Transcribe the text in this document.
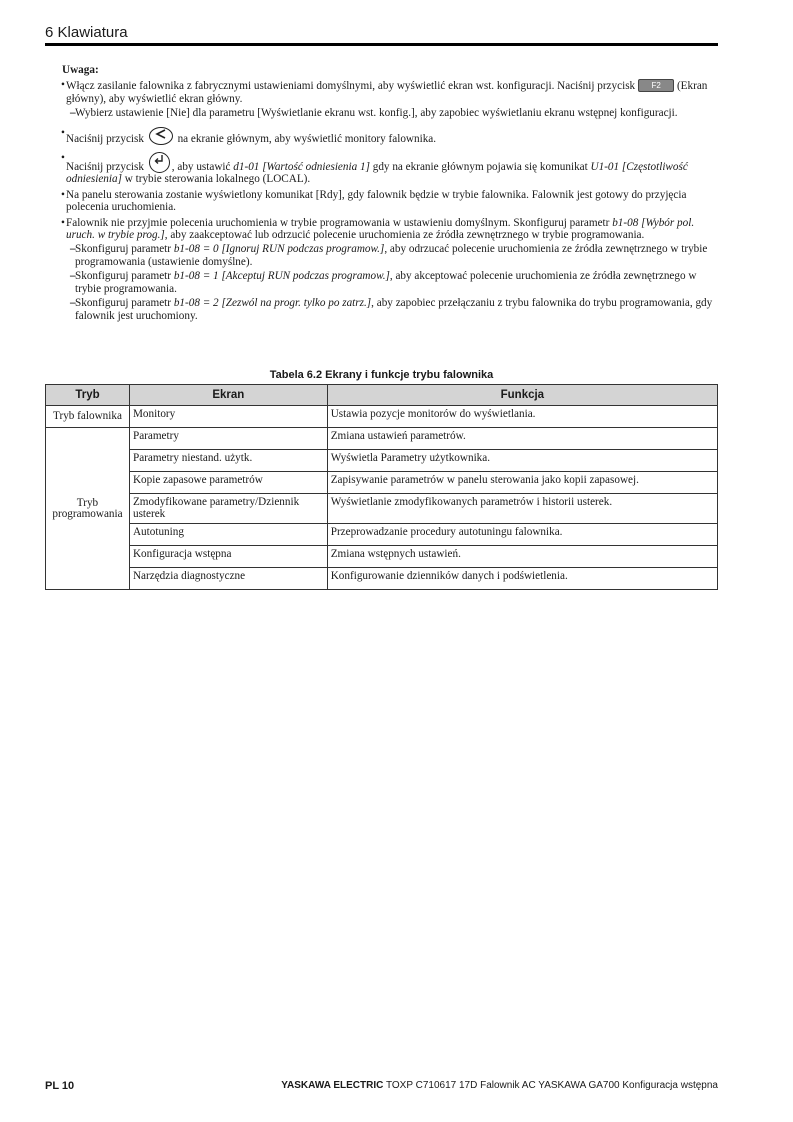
6 Klawiatura
Uwaga:
• Włącz zasilanie falownika z fabrycznymi ustawieniami domyślnymi, aby wyświetlić ekran wst. konfiguracji. Naciśnij przycisk F2 (Ekran główny), aby wyświetlić ekran główny.
– Wybierz ustawienie [Nie] dla parametru [Wyświetlanie ekranu wst. konfig.], aby zapobiec wyświetlaniu ekranu wstępnej konfiguracji.
• Naciśnij przycisk	na ekranie głównym, aby wyświetlić monitory falownika.
•
Naciśnij przycisk , aby ustawić d1-01 [Wartość odniesienia 1] gdy na ekranie głównym pojawia się komunikat U1-01 [Częstotliwość odniesienia] w trybie sterowania lokalnego (LOCAL).
• Na panelu sterowania zostanie wyświetlony komunikat [Rdy], gdy falownik będzie w trybie falownika. Falownik jest gotowy do przyjęcia polecenia uruchomienia.
• Falownik nie przyjmie polecenia uruchomienia w trybie programowania w ustawieniu domyślnym. Skonfiguruj parametr b1-08 [Wybór pol. uruch. w trybie prog.], aby zaakceptować lub odrzucić polecenie uruchomienia ze źródła zewnętrznego w trybie programowania.
– Skonfiguruj parametr b1-08 = 0 [Ignoruj RUN podczas programow.], aby odrzucać polecenie uruchomienia ze źródła zewnętrznego w trybie programowania (ustawienie domyślne).
– Skonfiguruj parametr b1-08 = 1 [Akceptuj RUN podczas programow.], aby akceptować polecenie uruchomienia ze źródła zewnętrznego w trybie programowania.
– Skonfiguruj parametr b1-08 = 2 [Zezwól na progr. tylko po zatrz.], aby zapobiec przełączaniu z trybu falownika do trybu programowania, gdy falownik jest uruchomiony.
Tabela 6.2 Ekrany i funkcje trybu falownika
Tryb	Ekran	Funkcja
Tryb falownika	Monitory	Ustawia pozycje monitorów do wyświetlania.
Tryb programowania	Parametry	Zmiana ustawień parametrów.
	Parametry niestand. użytk.	Wyświetla Parametry użytkownika.
	Kopie zapasowe parametrów	Zapisywanie parametrów w panelu sterowania jako kopii zapasowej.
	Zmodyfikowane parametry/Dziennik usterek	Wyświetlanie zmodyfikowanych parametrów i historii usterek.
	Autotuning	Przeprowadzanie procedury autotuningu falownika.
	Konfiguracja wstępna	Zmiana wstępnych ustawień.
	Narzędzia diagnostyczne	Konfigurowanie dzienników danych i podświetlenia.
PL 10	YASKAWA ELECTRIC TOXP C710617 17D Falownik AC YASKAWA GA700 Konfiguracja wstępna
